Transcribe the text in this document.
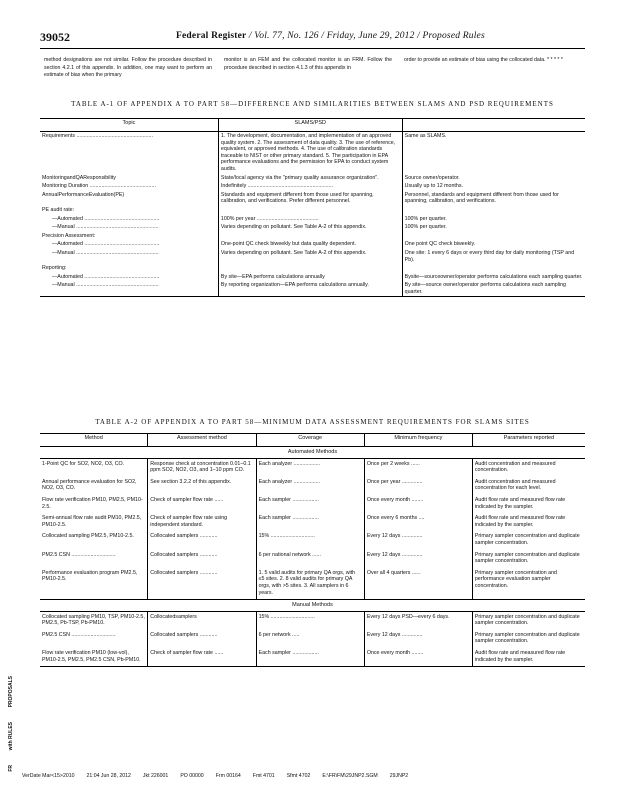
39052	Federal Register / Vol. 77, No. 126 / Friday, June 29, 2012 / Proposed Rules
method designations are not similar. Follow the procedure described in section 4.2.1 of this appendix. In addition, one may want to perform an estimate of bias when the primary
monitor is an FEM and the collocated monitor is an FRM. Follow the procedure described in section 4.1.3 of this appendix in
order to provide an estimate of bias using the collocated data. * * * * *
TABLE A-1 OF APPENDIX A TO PART 58—DIFFERENCE AND SIMILARITIES BETWEEN SLAMS AND PSD REQUIREMENTS
Topic	SLAMS/PSD	
Requirements ....................................................	1. The development, documentation, and implementation of an approved quality system. 2. The assessment of data quality. 3. The use of reference, equivalent, or approved methods. 4. The use of calibration standards traceable to NIST or other primary standard. 5. The participation in EPA performance evaluations and the permission for EPA to conduct system audits.	Same as SLAMS.
MonitoringandQAResponsibility	State/local agency via the "primary quality assurance organization".	Source owner/operator.
Monitoring Duration .............................................	Indefinitely ..........................................................	Usually up to 12 months.
AnnualPerformanceEvaluation(PE)	Standards and equipment different from those used for spanning, calibration, and verifications. Prefer different personnel.	Personnel, standards and equipment different from those used for spanning, calibration, and verifications.
PE audit rate:		
—Automated ...................................................	100% per year ..........................................	100% per quarter.
—Manual ........................................................	Varies depending on pollutant. See Table A-2 of this appendix.	100% per quarter.
Precision Assessment:		
—Automated ...................................................	One-point QC check biweekly but data quality dependent.	One point QC check biweekly.
—Manual ........................................................	Varies depending on pollutant. See Table A-2 of this appendix.	One site: 1 every 6 days or every third day for daily monitoring (TSP and Pb).
Reporting:		
—Automated ...................................................	By site—EPA performs calculations annually	Bysite—sourceowner/operator performs calculations each sampling quarter.
—Manual ........................................................	By reporting organization—EPA performs calculations annually.	By site—source owner/operator performs calculations each sampling quarter.
TABLE A-2 OF APPENDIX A TO PART 58—MINIMUM DATA ASSESSMENT REQUIREMENTS FOR SLAMS SITES
Method	Assessment method	Coverage	Minimum frequency	Parameters reported
Automated Methods				
1-Point QC for SO2, NO2, O3, CO.	Response check at concentration 0.01–0.1 ppm SO2, NO2, O3, and 1–10 ppm CO.	Each analyzer ..................	Once per 2 weeks ......	Audit concentration and measured concentration.
Annual performance evaluation for SO2, NO2, O3, CO.	See section 3.2.2 of this appendix.	Each analyzer ..................	Once per year ..............	Audit concentration and measured concentration for each level.
Flow rate verification PM10, PM2.5, PM10-2.5.	Check of sampler flow rate ......	Each sampler ..................	Once every month ........	Audit flow rate and measured flow rate indicated by the sampler.
Semi-annual flow rate audit PM10, PM2.5, PM10-2.5.	Check of sampler flow rate using independent standard.	Each sampler ..................	Once every 6 months ....	Audit flow rate and measured flow rate indicated by the sampler.
Collocated sampling PM2.5, PM10-2.5.	Collocated samplers ............	15% ..............................	Every 12 days ..............	Primary sampler concentration and duplicate sampler concentration.
PM2.5 CSN ..............................	Collocated samplers ............	6 per national network ......	Every 12 days ..............	Primary sampler concentration and duplicate sampler concentration.
Performance evaluation program PM2.5, PM10-2.5.	Collocated samplers ............	1. 5 valid audits for primary QA orgs, with ≤5 sites. 2. 8 valid audits for primary QA orgs, with >5 sites. 3. All samplers in 6 years.	Over all 4 quarters ......	Primary sampler concentration and performance evaluation sampler concentration.
Manual Methods				
Collocated sampling PM10, TSP, PM10-2.5, PM2.5, Pb-TSP, Pb-PM10.	Collocatedsamplers	15% ..............................	Every 12 days PSD—every 6 days.	Primary sampler concentration and duplicate sampler concentration.
PM2.5 CSN ..............................	Collocated samplers ............	6 per network .....	Every 12 days ..............	Primary sampler concentration and duplicate sampler concentration.
Flow rate verification PM10 (low-vol), PM10-2.5, PM2.5, PM2.5 CSN, Pb-PM10.	Check of sampler flow rate ......	Each sampler ..................	Once every month ........	Audit flow rate and measured flow rate indicated by the sampler.
PROPOSALS
with RULES
FR
VerDate Mar<15>2010 21:04 Jun 28, 2012 Jkt 226001 PO 00000 Frm 00164 Fmt 4701 Sfmt 4702 E:\FR\FM\29JNP2.SGM 29JNP2
